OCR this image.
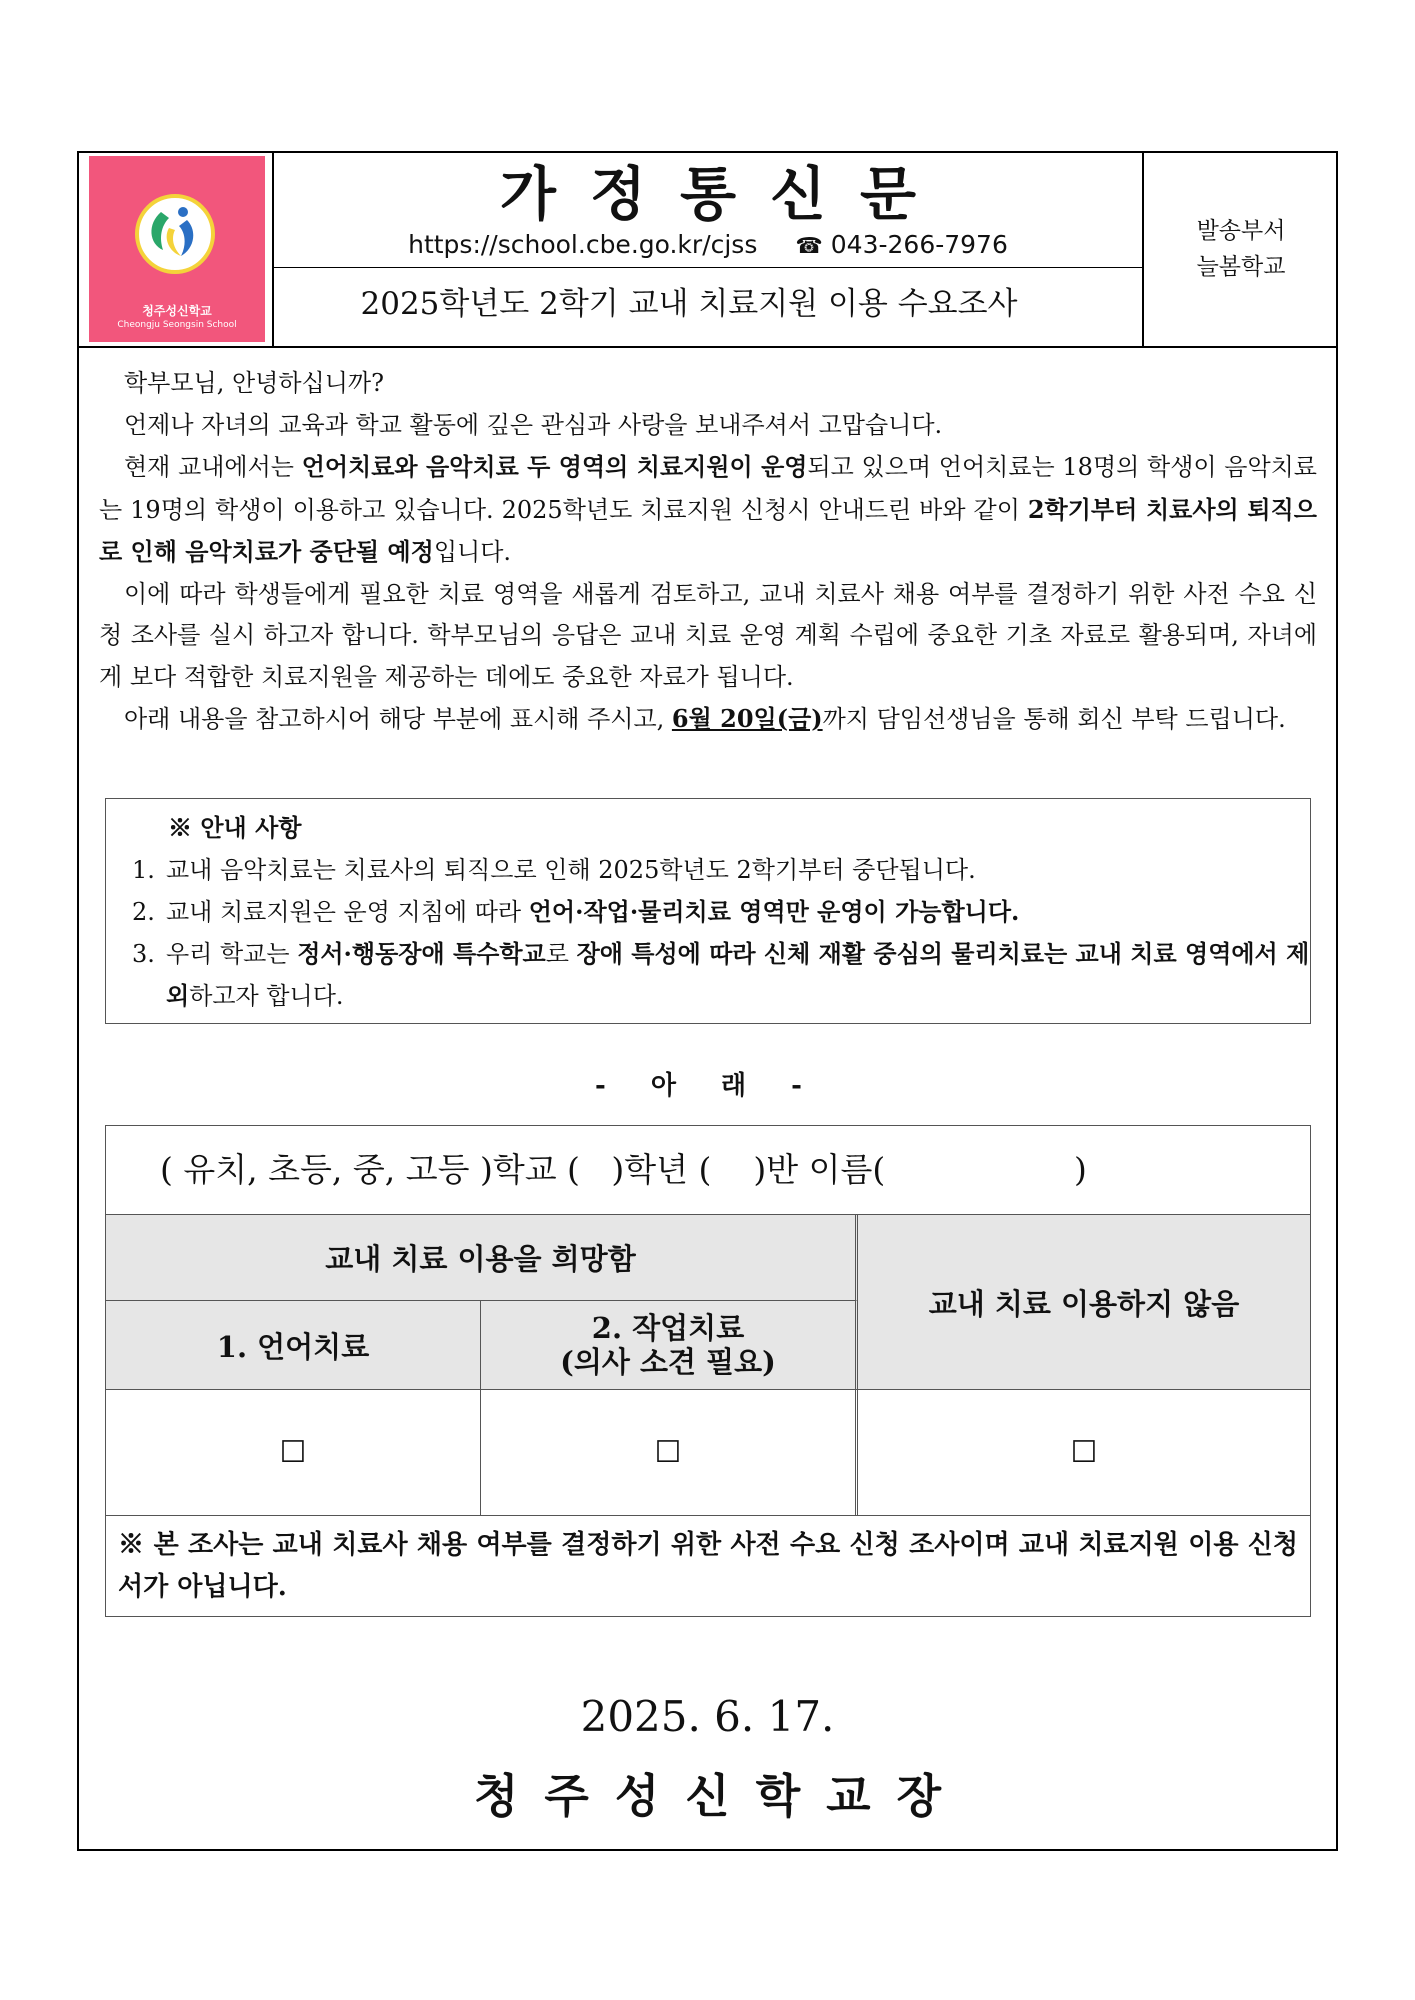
청주성신학교
Cheongju Seongsin School
가정통신문
https://school.cbe.go.kr/cjss ☎ 043-266-7976
2025학년도 2학기 교내 치료지원 이용 수요조사
발송부서
늘봄학교

학부모님, 안녕하십니까?

언제나 자녀의 교육과 학교 활동에 깊은 관심과 사랑을 보내주셔서 고맙습니다.

현재 교내에서는 언어치료와 음악치료 두 영역의 치료지원이 운영되고 있으며 언어치료는 18명의 학생이 음악치료는 19명의 학생이 이용하고 있습니다. 2025학년도 치료지원 신청시 안내드린 바와 같이 2학기부터 치료사의 퇴직으로 인해 음악치료가 중단될 예정입니다.

이에 따라 학생들에게 필요한 치료 영역을 새롭게 검토하고, 교내 치료사 채용 여부를 결정하기 위한 사전 수요 신청 조사를 실시 하고자 합니다. 학부모님의 응답은 교내 치료 운영 계획 수립에 중요한 기초 자료로 활용되며, 자녀에게 보다 적합한 치료지원을 제공하는 데에도 중요한 자료가 됩니다.

아래 내용을 참고하시어 해당 부분에 표시해 주시고, 6월 20일(금)까지 담임선생님을 통해 회신 부탁 드립니다.

※ 안내 사항
1. 교내 음악치료는 치료사의 퇴직으로 인해 2025학년도 2학기부터 중단됩니다.
2. 교내 치료지원은 운영 지침에 따라 언어·작업·물리치료 영역만 운영이 가능합니다.
3. 우리 학교는 정서·행동장애 특수학교로 장애 특성에 따라 신체 재활 중심의 물리치료는 교내 치료 영역에서 제외하고자 합니다.
- 아 래 -
( 유치, 초등, 중, 고등 )학교 (   )학년 (    )반 이름(                  )
교내 치료 이용을 희망함
1. 언어치료
2. 작업치료
(의사 소견 필요)
교내 치료 이용하지 않음
☐	☐	☐
※ 본 조사는 교내 치료사 채용 여부를 결정하기 위한 사전 수요 신청 조사이며 교내 치료지원 이용 신청서가 아닙니다.
2025. 6. 17.
청주성신학교장
